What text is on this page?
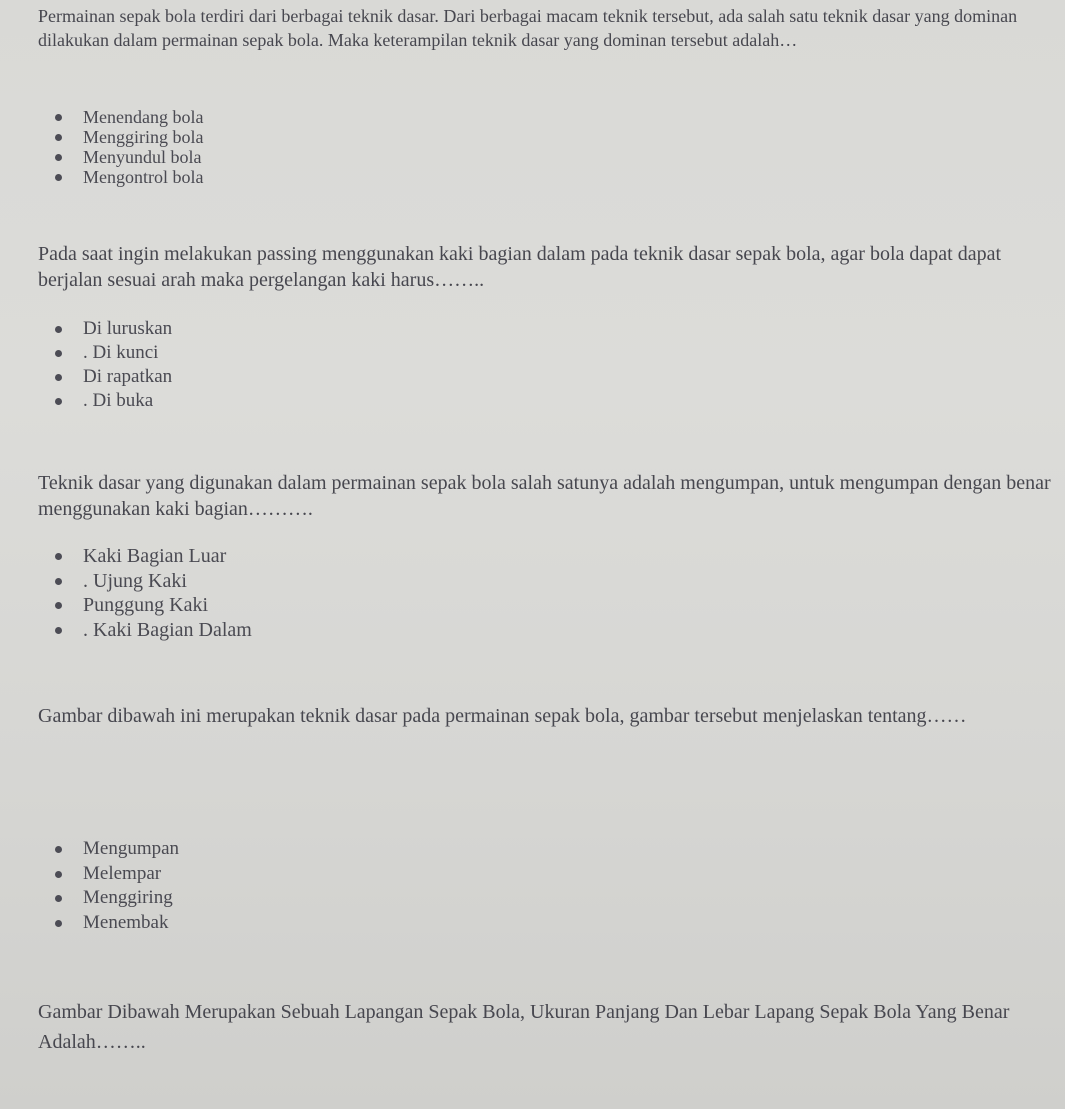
Permainan sepak bola terdiri dari berbagai teknik dasar. Dari berbagai macam teknik tersebut, ada salah satu teknik dasar yang dominan dilakukan dalam permainan sepak bola. Maka keterampilan teknik dasar yang dominan tersebut adalah…
Menendang bola
Menggiring bola
Menyundul bola
Mengontrol bola
Pada saat ingin melakukan passing menggunakan kaki bagian dalam pada teknik dasar sepak bola, agar bola dapat dapat berjalan sesuai arah maka pergelangan kaki harus……..
Di luruskan
. Di kunci
Di rapatkan
. Di buka
Teknik dasar yang digunakan dalam permainan sepak bola salah satunya adalah mengumpan, untuk mengumpan dengan benar menggunakan kaki bagian……….
Kaki Bagian Luar
. Ujung Kaki
Punggung Kaki
. Kaki Bagian Dalam
Gambar dibawah ini merupakan teknik dasar pada permainan sepak bola, gambar tersebut menjelaskan tentang……
Mengumpan
Melempar
Menggiring
Menembak
Gambar Dibawah Merupakan Sebuah Lapangan Sepak Bola, Ukuran Panjang Dan Lebar Lapang Sepak Bola Yang Benar Adalah……..
